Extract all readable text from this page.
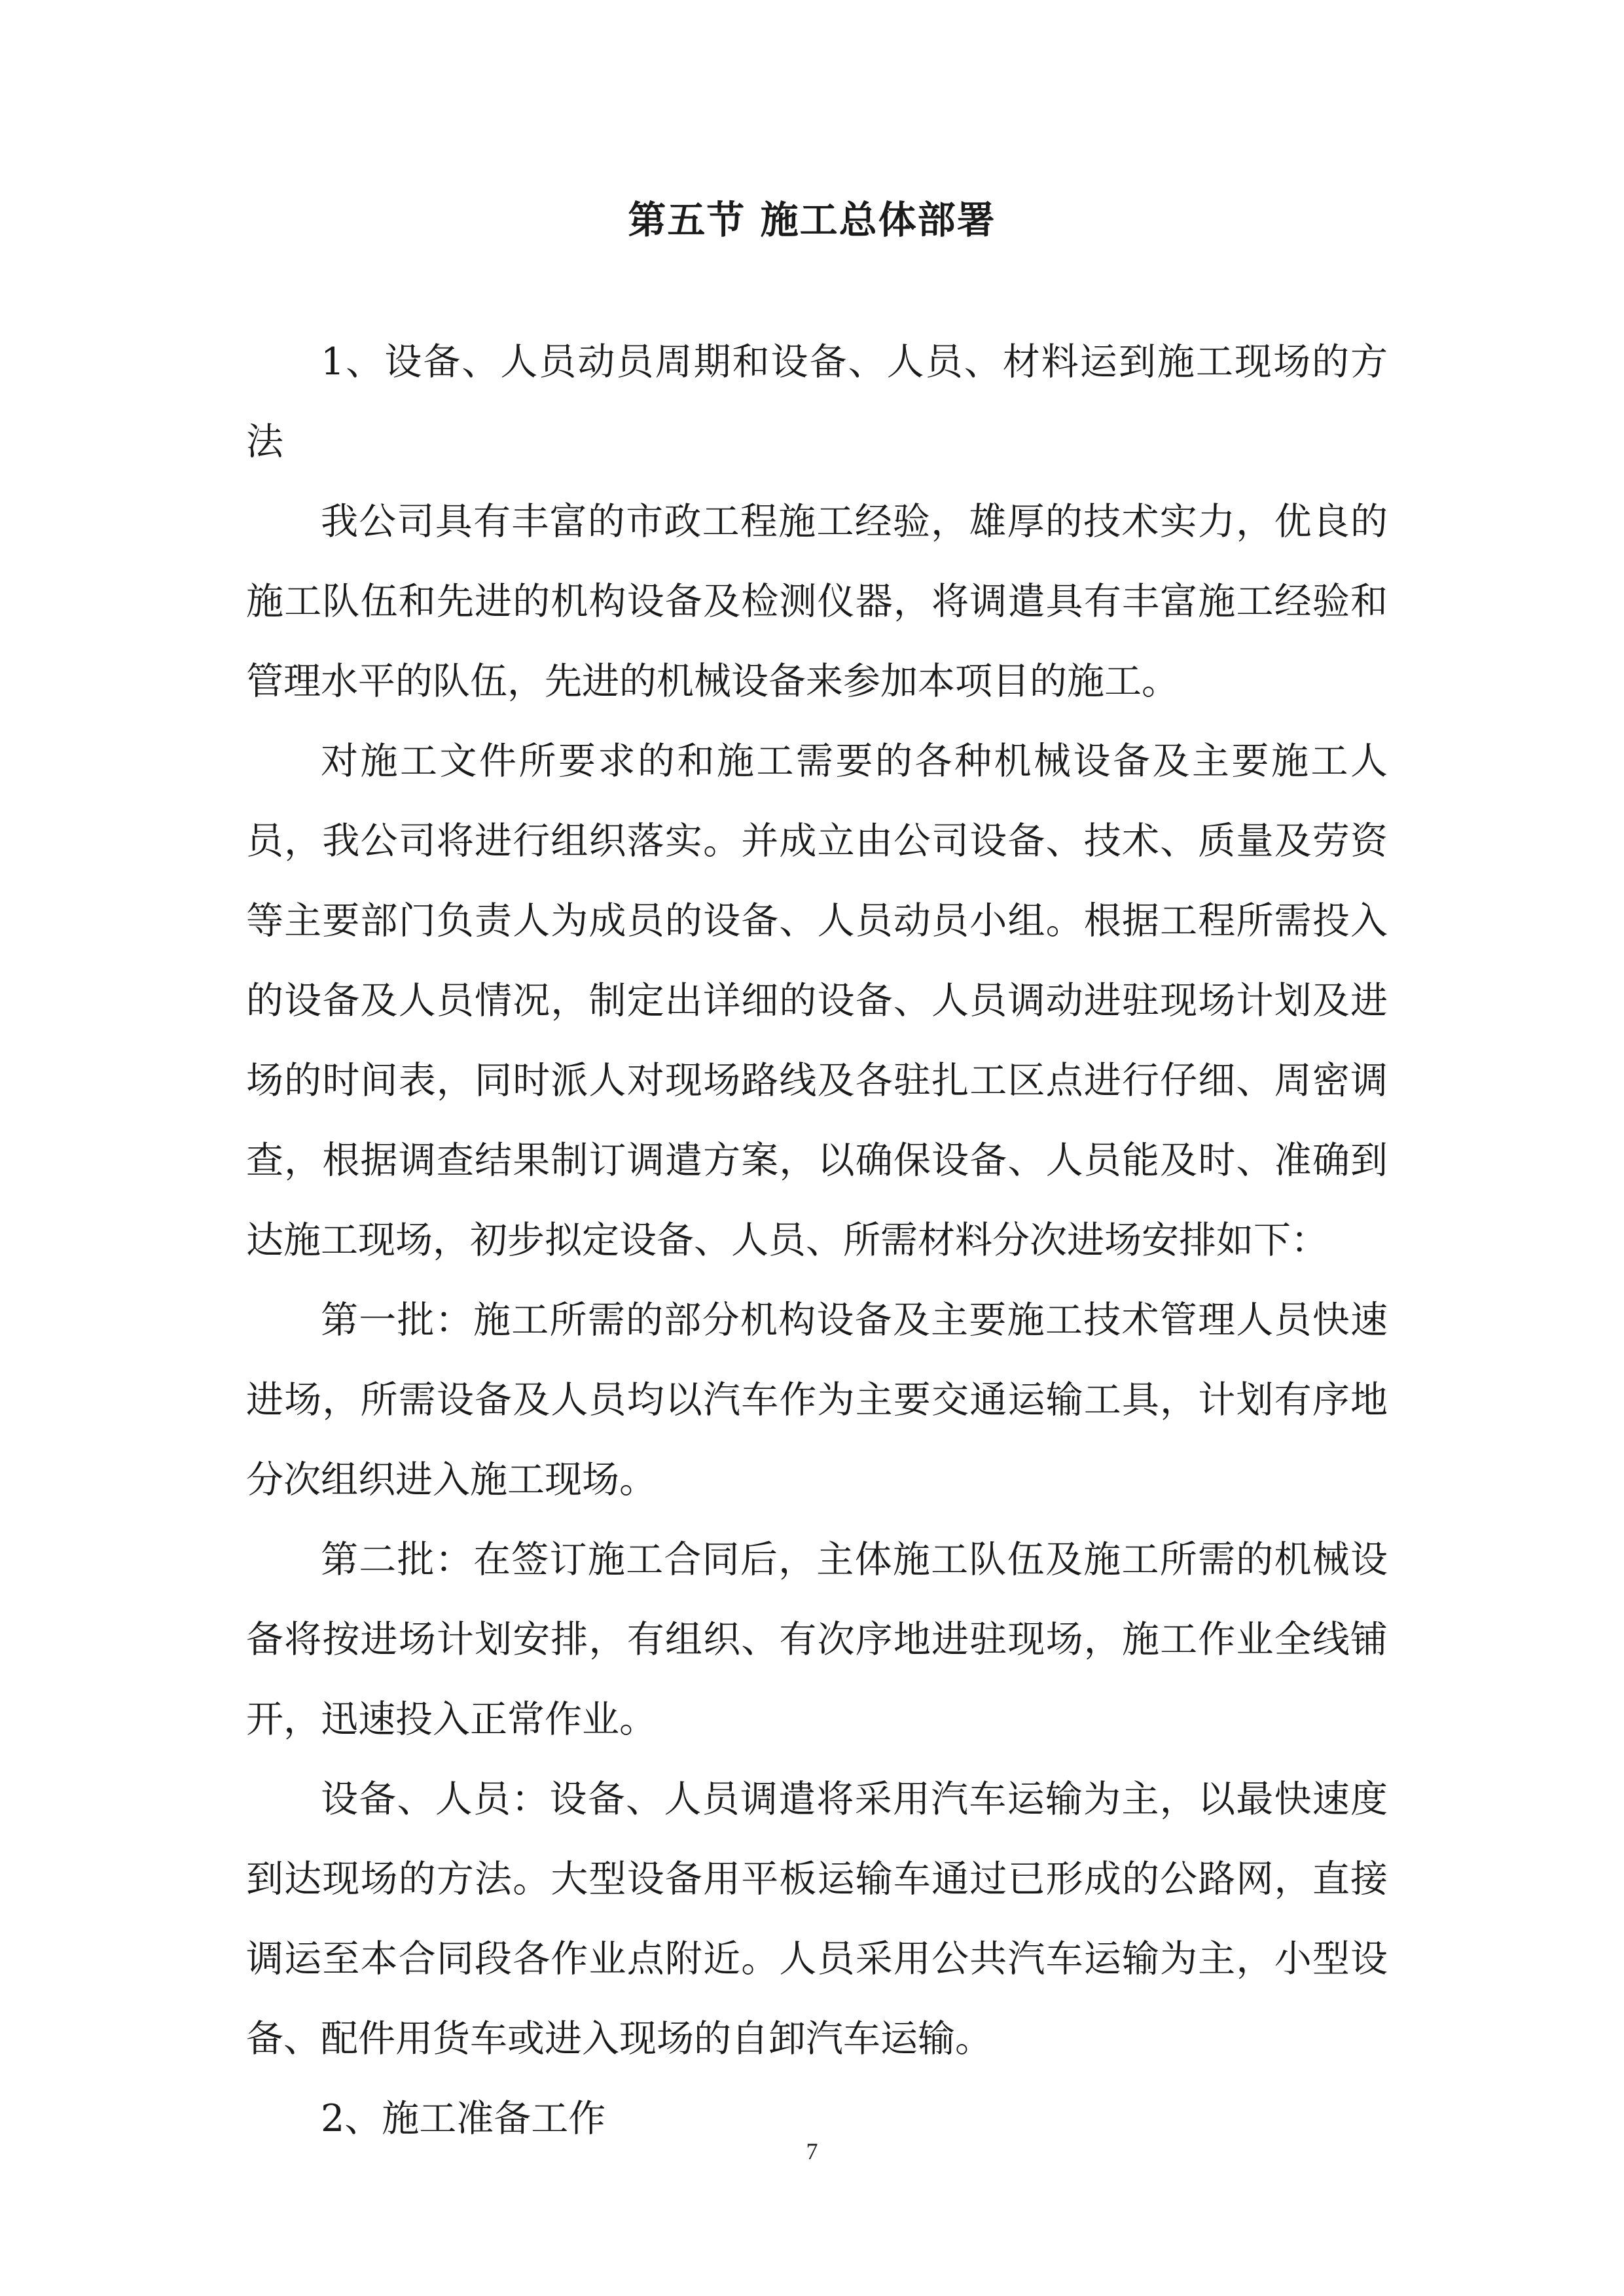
第五节 施工总体部署

1、设备、人员动员周期和设备、人员、材料运到施工现场的方法

我公司具有丰富的市政工程施工经验，雄厚的技术实力，优良的施工队伍和先进的机构设备及检测仪器，将调遣具有丰富施工经验和管理水平的队伍，先进的机械设备来参加本项目的施工。

对施工文件所要求的和施工需要的各种机械设备及主要施工人员，我公司将进行组织落实。并成立由公司设备、技术、质量及劳资等主要部门负责人为成员的设备、人员动员小组。根据工程所需投入的设备及人员情况，制定出详细的设备、人员调动进驻现场计划及进场的时间表，同时派人对现场路线及各驻扎工区点进行仔细、周密调查，根据调查结果制订调遣方案，以确保设备、人员能及时、准确到达施工现场，初步拟定设备、人员、所需材料分次进场安排如下：

第一批：施工所需的部分机构设备及主要施工技术管理人员快速进场，所需设备及人员均以汽车作为主要交通运输工具，计划有序地分次组织进入施工现场。

第二批：在签订施工合同后，主体施工队伍及施工所需的机械设备将按进场计划安排，有组织、有次序地进驻现场，施工作业全线铺开，迅速投入正常作业。

设备、人员：设备、人员调遣将采用汽车运输为主，以最快速度到达现场的方法。大型设备用平板运输车通过已形成的公路网，直接调运至本合同段各作业点附近。人员采用公共汽车运输为主，小型设备、配件用货车或进入现场的自卸汽车运输。

2、施工准备工作

7
